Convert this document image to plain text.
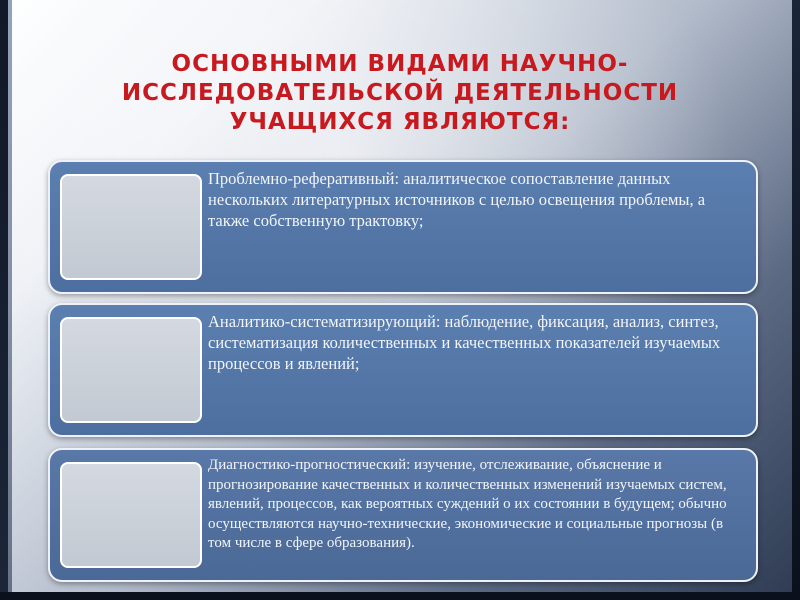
ОСНОВНЫМИ ВИДАМИ НАУЧНО-ИССЛЕДОВАТЕЛЬСКОЙ ДЕЯТЕЛЬНОСТИ УЧАЩИХСЯ ЯВЛЯЮТСЯ:

Проблемно-реферативный: аналитическое сопоставление данных нескольких литературных источников с целью освещения проблемы, а также собственную трактовку;

Аналитико-систематизирующий: наблюдение, фиксация, анализ, синтез, систематизация количественных и качественных показателей изучаемых процессов и явлений;

Диагностико-прогностический: изучение, отслеживание, объяснение и прогнозирование качественных и количественных изменений изучаемых систем, явлений, процессов, как вероятных суждений о их состоянии в будущем; обычно осуществляются научно-технические, экономические и социальные прогнозы (в том числе в сфере образования).
